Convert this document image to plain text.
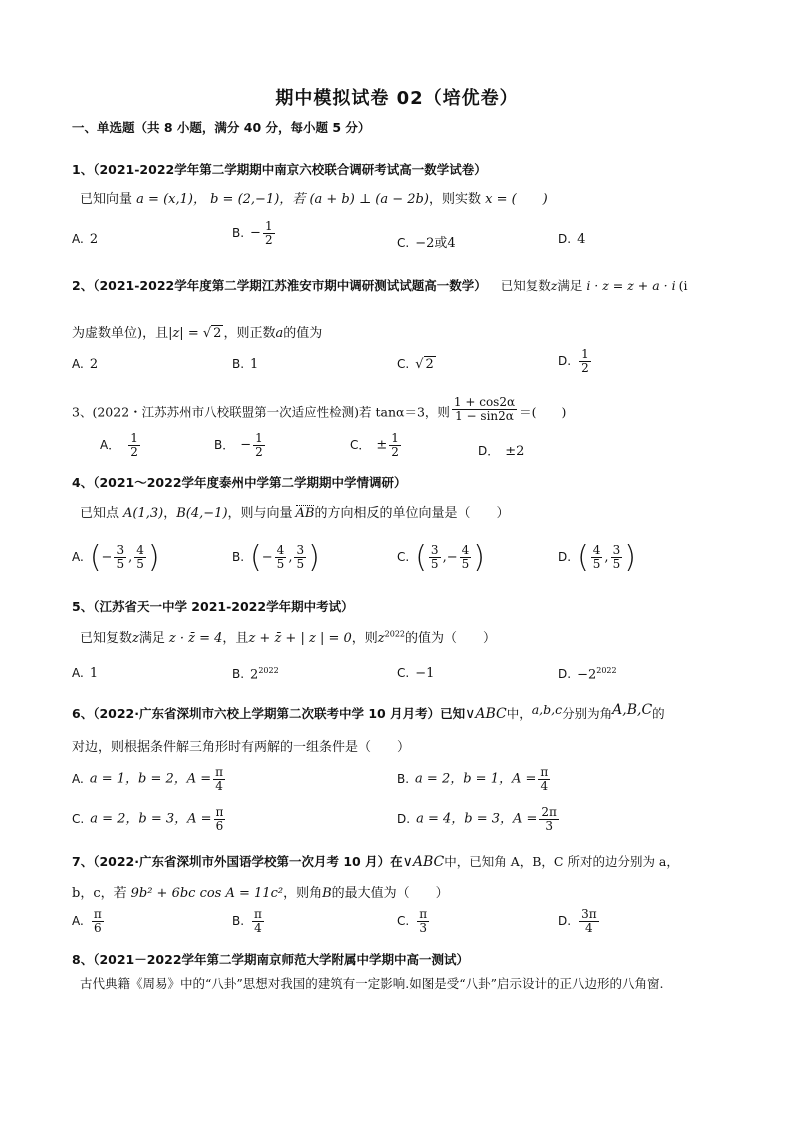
期中模拟试卷 02（培优卷）
一、单选题（共 8 小题，满分 40 分，每小题 5 分）
1、（2021-2022学年第二学期期中南京六校联合调研考试高一数学试卷）
已知向量 a = (x,1)， b = (2,−1)，若 (a + b) ⊥ (a − 2b)，则实数 x = (　　)
A. 2	B. − $\frac{1}{2}$	C. −2或4	D. 4
2、（2021-2022学年度第二学期江苏淮安市期中调研测试试题高一数学） 已知复数z满足 i · z = z + a · i (i
为虚数单位)，且|z| = √ 2 ，则正数a的值为
A. 2	B. 1	C. √ 2	D. $\frac{1}{2}$
3、(2022・江苏苏州市八校联盟第一次适应性检测)若 tanα＝3，则 $\frac{1 + \cos 2\alpha}{1 - \sin 2\alpha}$ ＝(　　)
A． $\frac{1}{2}$	B． − $\frac{1}{2}$	C． ± $\frac{1}{2}$	D． ±2
4、（2021～2022学年度泰州中学第二学期期中学情调研）
已知点 A(1,3)，B(4,−1)，则与向量 AB的方向相反的单位向量是（　　）
A. (− $\frac{3}{5}$ , $\frac{4}{5}$ )	B. (− $\frac{4}{5}$ , $\frac{3}{5}$ )	C. ( $\frac{3}{5}$ ,− $\frac{4}{5}$ )	D. ( $\frac{4}{5}$ , $\frac{3}{5}$ )
5、（江苏省天一中学 2021-2022学年期中考试）
已知复数z满足 z · z̄ = 4，且z + z̄ + | z | = 0，则$z^{2022}$的值为（　　）
A. 1	B. $2^{2022}$	C. −1	D. $-2^{2022}$
6、（2022·广东省深圳市六校上学期第二次联考中学 10 月月考）已知∨ABC中，a,b,c分别为角A,B,C的
对边，则根据条件解三角形时有两解的一组条件是（　　）
A. a = 1，b = 2，$A = \frac{\pi}{4}$	B. a = 2，b = 1，$A = \frac{\pi}{4}$
C. a = 2，b = 3，$A = \frac{\pi}{6}$	D. a = 4，b = 3，$A = \frac{2\pi}{3}$
7、（2022·广东省深圳市外国语学校第一次月考 10 月）在∨ABC中，已知角 A，B，C 所对的边分别为 a，
b，c，若 9b² + 6bc cos A = 11c²，则角B的最大值为（　　）
A. $\frac{\pi}{6}$	B. $\frac{\pi}{4}$	C. $\frac{\pi}{3}$	D. $\frac{3\pi}{4}$
8、（2021－2022学年第二学期南京师范大学附属中学期中高一测试）
古代典籍《周易》中的“八卦”思想对我国的建筑有一定影响.如图是受“八卦”启示设计的正八边形的八角窗.
